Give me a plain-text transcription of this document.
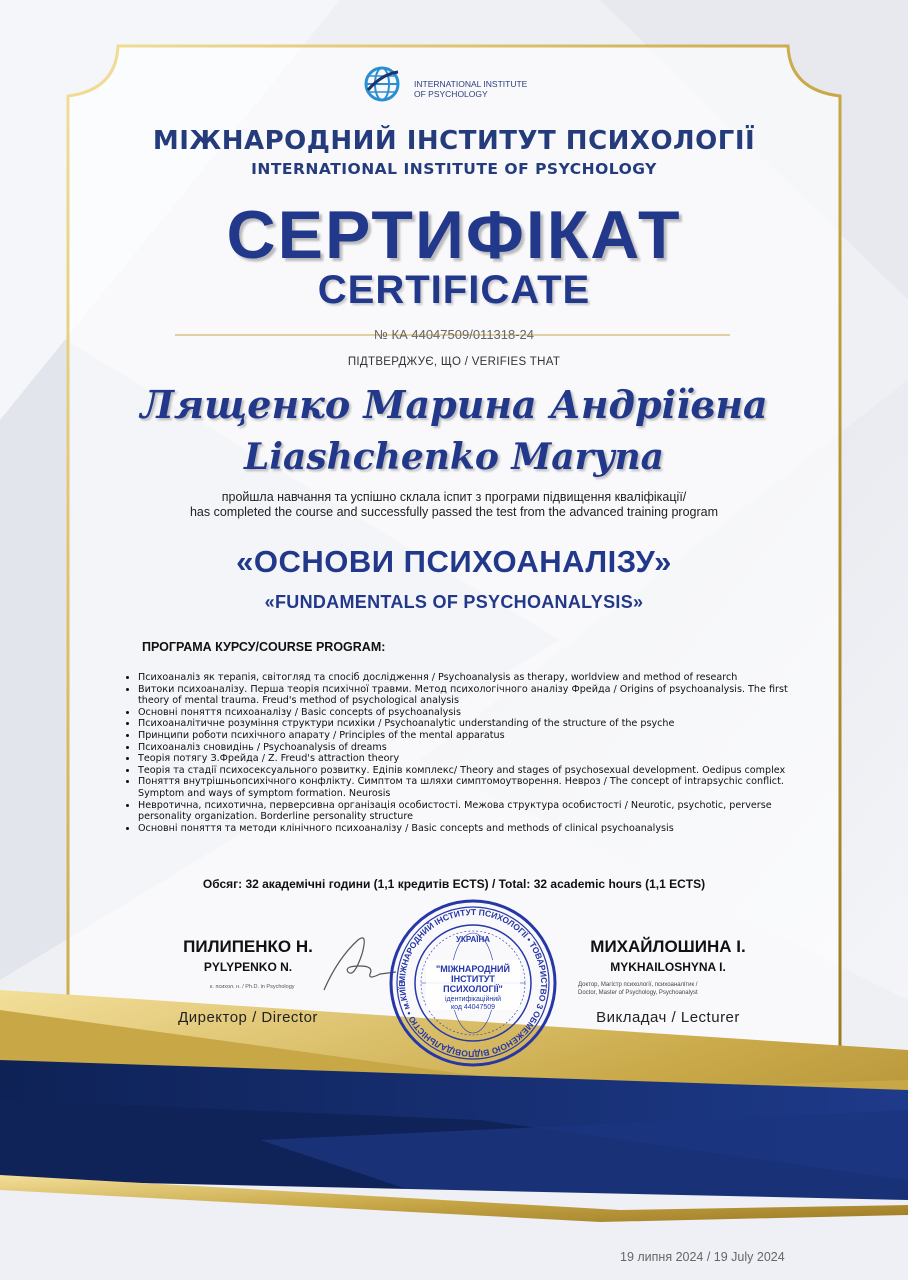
INTERNATIONAL INSTITUTE
OF PSYCHOLOGY
МІЖНАРОДНИЙ ІНСТИТУТ ПСИХОЛОГІЇ
INTERNATIONAL INSTITUTE OF PSYCHOLOGY
СЕРТИФІКАТ
CERTIFICATE
№ КА 44047509/011318-24
ПІДТВЕРДЖУЄ, ЩО / VERIFIES THAT
Лященко Марина Андріївна
Liashchenko Maryna
пройшла навчання та успішно склала іспит з програми підвищення кваліфікації/
has completed the course and successfully passed the test from the advanced training program
«ОСНОВИ ПСИХОАНАЛІЗУ»
«FUNDAMENTALS OF PSYCHOANALYSIS»
ПРОГРАМА КУРСУ/COURSE PROGRAM:
• Психоаналіз як терапія, світогляд та спосіб дослідження / Psychoanalysis as therapy, worldview and method of research
• Витоки психоаналізу. Перша теорія психічної травми. Метод психологічного аналізу Фрейда / Origins of psychoanalysis. The first theory of mental trauma. Freud's method of psychological analysis
• Основні поняття психоаналізу / Basic concepts of psychoanalysis
• Психоаналітичне розуміння структури психіки / Psychoanalytic understanding of the structure of the psyche
• Принципи роботи психічного апарату / Principles of the mental apparatus
• Психоаналіз сновидінь / Psychoanalysis of dreams
• Теорія потягу З.Фрейда / Z. Freud's attraction theory
• Теорія та стадії психосексуального розвитку. Едіпів комплекс/ Theory and stages of psychosexual development. Oedipus complex
• Поняття внутрішньопсихічного конфлікту. Симптом та шляхи симптомоутворення. Невроз / The concept of intrapsychic conflict. Symptom and ways of symptom formation. Neurosis
• Невротична, психотична, перверсивна організація особистості. Межова структура особистості / Neurotic, psychotic, perverse personality organization. Borderline personality structure
• Основні поняття та методи клінічного психоаналізу / Basic concepts and methods of clinical psychoanalysis
Обсяг: 32 академічні години (1,1 кредитів ECTS) / Total: 32 academic hours (1,1 ECTS)
ПИЛИПЕНКО Н.
PYLYPENKO N.
к. психол. н. / Ph.D. in Psychology
Директор / Director
МИХАЙЛОШИНА І.
MYKHAILOSHYNA I.
Доктор, Магістр психології, психоаналітик /
Doctor, Master of Psychology, Psychoanalyst
Викладач / Lecturer
МІЖНАРОДНИЙ ІНСТИТУТ ПСИХОЛОГІЇ • ТОВАРИСТВО З ОБМЕЖЕНОЮ ВІДПОВІДАЛЬНІСТЮ • м.КИЇВ
УКРАЇНА
"МІЖНАРОДНИЙ
ІНСТИТУТ
ПСИХОЛОГІЇ"
ідентифікаційний
код 44047509
19 липня 2024 / 19 July 2024
